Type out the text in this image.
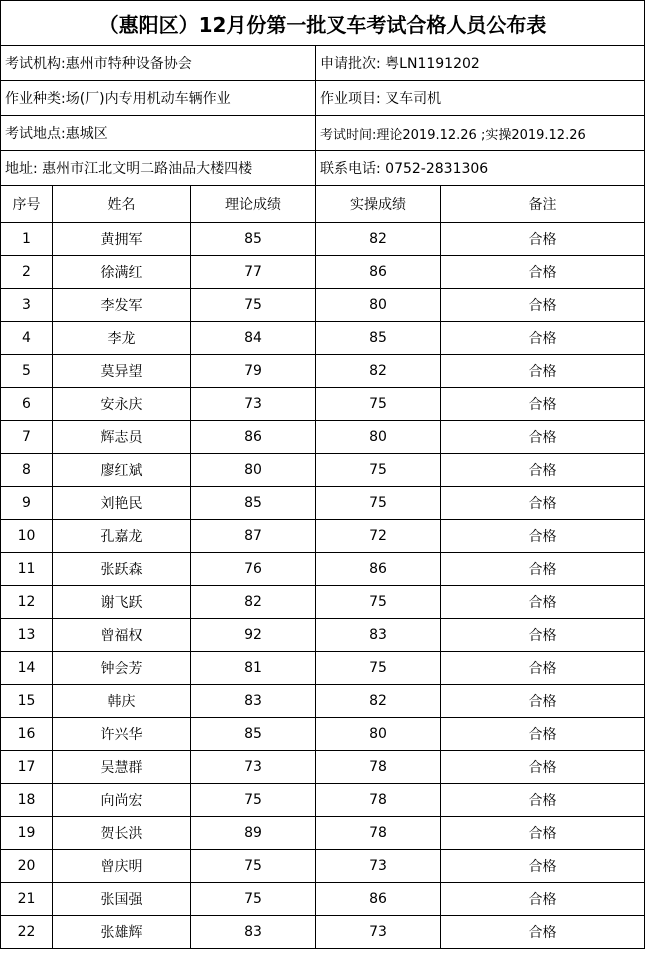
（惠阳区）12月份第一批叉车考试合格人员公布表				
考试机构:惠州市特种设备协会			申请批次: 粤LN1191202	
作业种类:场(厂)内专用机动车辆作业			作业项目: 叉车司机	
考试地点:惠城区			考试时间:理论2019.12.26 ;实操2019.12.26	
地址: 惠州市江北文明二路油品大楼四楼			联系电话: 0752-2831306	
序号	姓名	理论成绩	实操成绩	备注
1	黄拥军	85	82	合格
2	徐满红	77	86	合格
3	李发军	75	80	合格
4	李龙	84	85	合格
5	莫异望	79	82	合格
6	安永庆	73	75	合格
7	辉志员	86	80	合格
8	廖红斌	80	75	合格
9	刘艳民	85	75	合格
10	孔嘉龙	87	72	合格
11	张跃森	76	86	合格
12	谢飞跃	82	75	合格
13	曾福权	92	83	合格
14	钟会芳	81	75	合格
15	韩庆	83	82	合格
16	许兴华	85	80	合格
17	吴慧群	73	78	合格
18	向尚宏	75	78	合格
19	贺长洪	89	78	合格
20	曾庆明	75	73	合格
21	张国强	75	86	合格
22	张雄辉	83	73	合格
